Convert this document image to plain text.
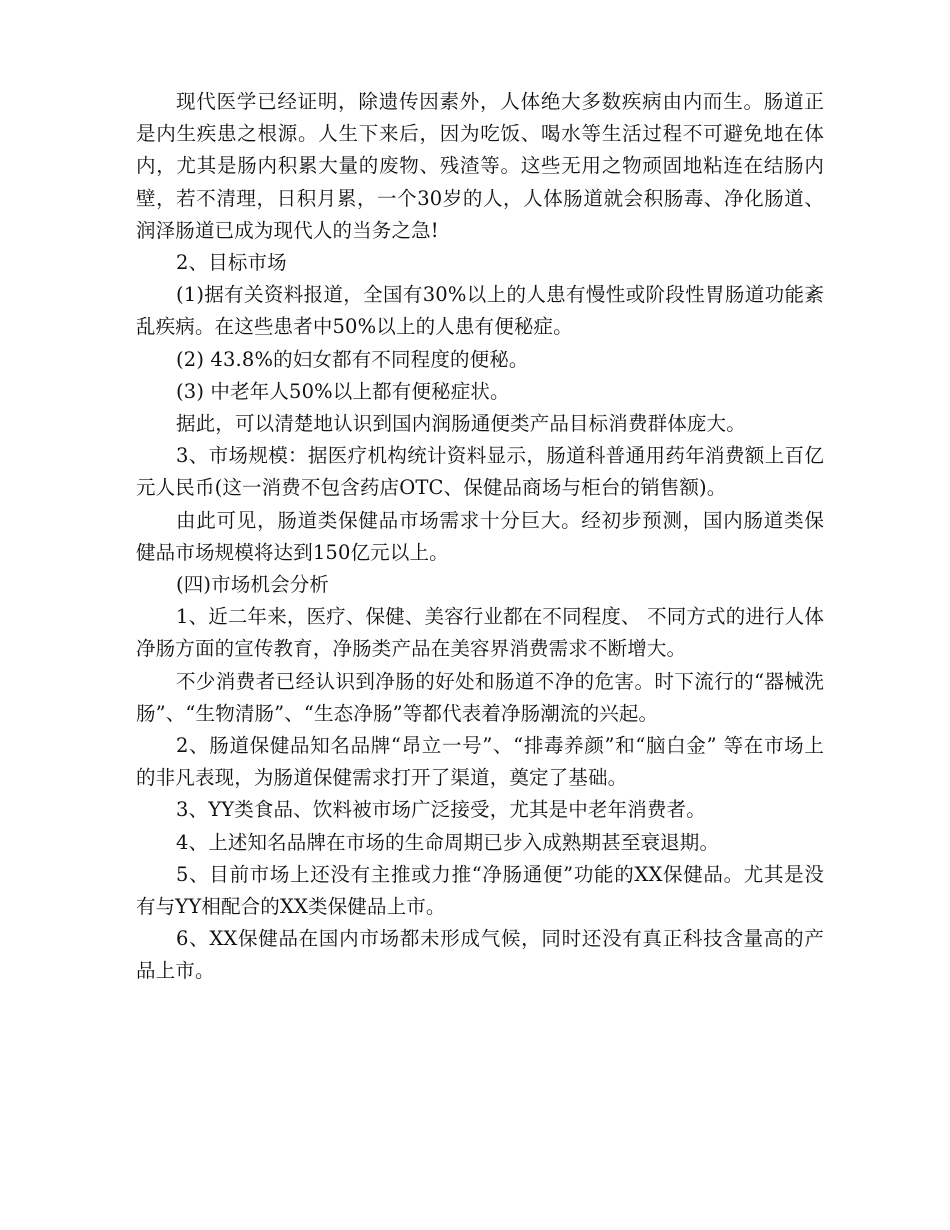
现代医学已经证明，除遗传因素外，人体绝大多数疾病由内而生。肠道正是内生疾患之根源。人生下来后，因为吃饭、喝水等生活过程不可避免地在体内，尤其是肠内积累大量的废物、残渣等。这些无用之物顽固地粘连在结肠内壁，若不清理，日积月累，一个30岁的人，人体肠道就会积肠毒、净化肠道、润泽肠道已成为现代人的当务之急!

2、目标市场

(1)据有关资料报道，全国有30%以上的人患有慢性或阶段性胃肠道功能紊乱疾病。在这些患者中50%以上的人患有便秘症。

(2) 43.8%的妇女都有不同程度的便秘。

(3) 中老年人50%以上都有便秘症状。

据此，可以清楚地认识到国内润肠通便类产品目标消费群体庞大。

3、市场规模：据医疗机构统计资料显示，肠道科普通用药年消费额上百亿元人民币(这一消费不包含药店OTC、保健品商场与柜台的销售额)。

由此可见，肠道类保健品市场需求十分巨大。经初步预测，国内肠道类保健品市场规模将达到150亿元以上。

(四)市场机会分析

1、近二年来，医疗、保健、美容行业都在不同程度、 不同方式的进行人体净肠方面的宣传教育，净肠类产品在美容界消费需求不断增大。

不少消费者已经认识到净肠的好处和肠道不净的危害。时下流行的“器械洗肠”、“生物清肠”、“生态净肠”等都代表着净肠潮流的兴起。

2、肠道保健品知名品牌“昂立一号”、“排毒养颜”和“脑白金” 等在市场上的非凡表现，为肠道保健需求打开了渠道，奠定了基础。

3、YY类食品、饮料被市场广泛接受，尤其是中老年消费者。

4、上述知名品牌在市场的生命周期已步入成熟期甚至衰退期。

5、目前市场上还没有主推或力推“净肠通便”功能的XX保健品。尤其是没有与YY相配合的XX类保健品上市。

6、XX保健品在国内市场都未形成气候，同时还没有真正科技含量高的产品上市。
